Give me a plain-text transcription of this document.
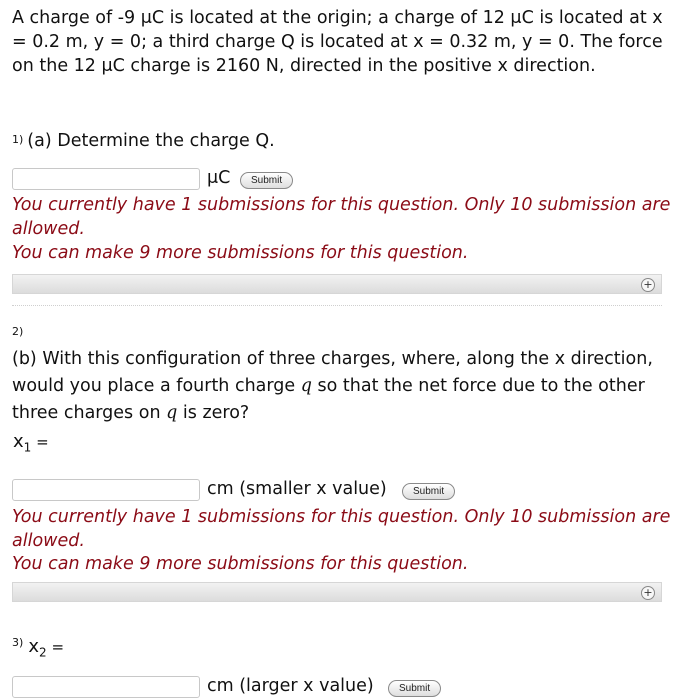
A charge of -9 μC is located at the origin; a charge of 12 μC is located at x = 0.2 m, y = 0; a third charge Q is located at x = 0.32 m, y = 0. The force on the 12 μC charge is 2160 N, directed in the positive x direction.
$^{1)}$ (a) Determine the charge Q.
μC	Submit
You currently have 1 submissions for this question. Only 10 submission are allowed.
You can make 9 more submissions for this question.
+
2)
(b) With this configuration of three charges, where, along the x direction, would you place a fourth charge q so that the net force due to the other three charges on q is zero?
$x_1$ =
cm (smaller x value)	Submit
You currently have 1 submissions for this question. Only 10 submission are allowed.
You can make 9 more submissions for this question.
+
$^{3)}$ $x_2$ =
cm (larger x value)	Submit
